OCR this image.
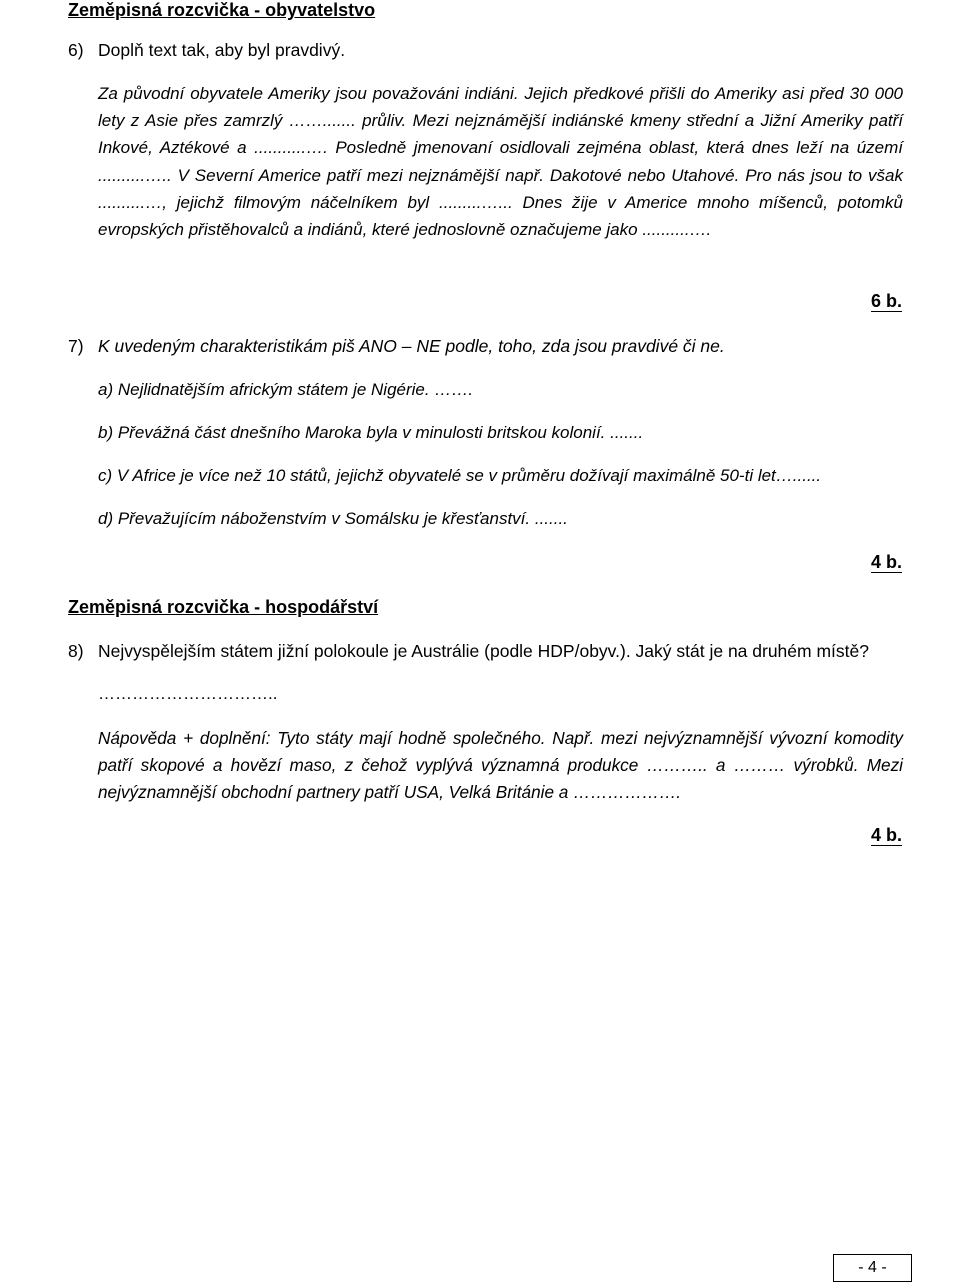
Zeměpisná rozcvička - obyvatelstvo
6) Doplň text tak, aby byl pravdivý.
Za původní obyvatele Ameriky jsou považováni indiáni. Jejich předkové přišli do Ameriky asi před 30 000 lety z Asie přes zamrzlý ……....... průliv. Mezi nejznámější indiánské kmeny střední a Jižní Ameriky patří Inkové, Aztékové a ...........…. Posledně jmenovaní osidlovali zejména oblast, která dnes leží na území ..........….. V Severní Americe patří mezi nejznámější např. Dakotové nebo Utahové. Pro nás jsou to však ..........…, jejichž filmovým náčelníkem byl .........…... Dnes žije v Americe mnoho míšenců, potomků evropských přistěhovalců a indiánů, které jednoslovně označujeme jako ..........….
6 b.
7) K uvedeným charakteristikám piš ANO – NE podle, toho, zda jsou pravdivé či ne.
a) Nejlidnatějším africkým státem je Nigérie. …….
b) Převážná část dnešního Maroka byla v minulosti britskou kolonií. .......
c) V Africe je více než 10 států, jejichž obyvatelé se v průměru dožívají maximálně 50-ti let…......
d) Převažujícím náboženstvím v Somálsku je křesťanství. .......
4 b.
Zeměpisná rozcvička - hospodářství
8) Nejvyspělejším státem jižní polokoule je Austrálie (podle HDP/obyv.). Jaký stát je na druhém místě?
…………………………..
Nápověda + doplnění: Tyto státy mají hodně společného. Např. mezi nejvýznamnější vývozní komodity patří skopové a hovězí maso, z čehož vyplývá významná produkce ……….. a ……… výrobků. Mezi nejvýznamnější obchodní partnery patří USA, Velká Británie a ……………….
4 b.
- 4 -
